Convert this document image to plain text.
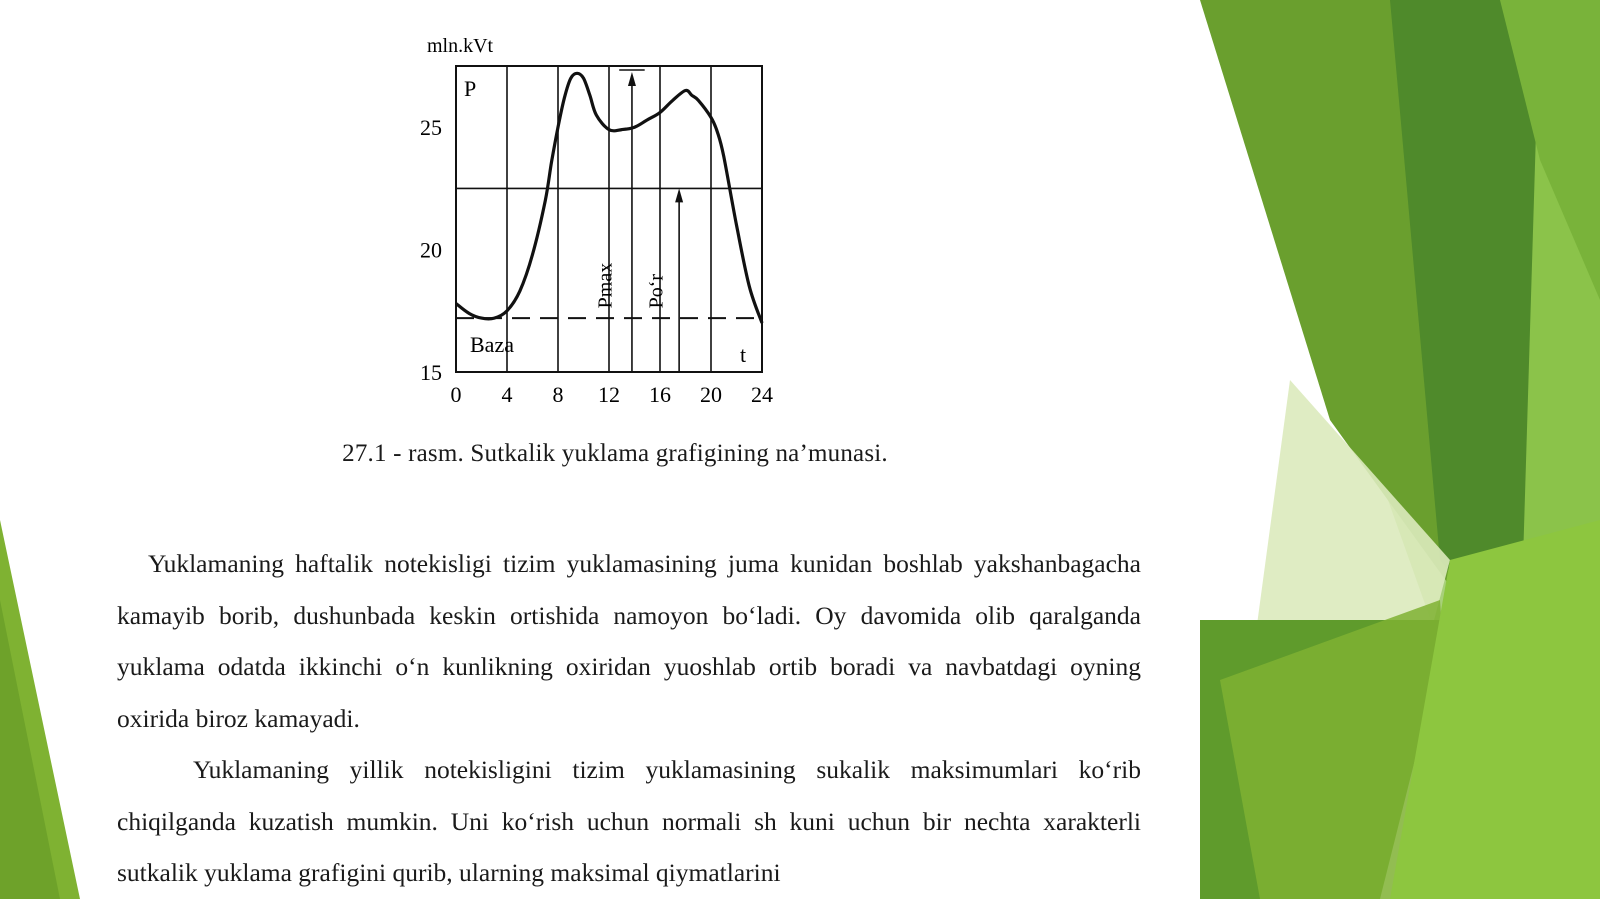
0 4 8 12 16 20 24
15
20
25
mln.kVt
P
t
Baza
Pmax Po‘r
27.1 - rasm. Sutkalik yuklama grafigining na’munasi.

Yuklamaning haftalik notekisligi tizim yuklamasining juma kunidan boshlab yakshanbagacha kamayib borib, dushunbada keskin ortishida namoyon bo‘ladi. Oy davomida olib qaralganda yuklama odatda ikkinchi o‘n kunlikning oxiridan yuoshlab ortib boradi va navbatdagi oyning oxirida biroz kamayadi.

Yuklamaning yillik notekisligini tizim yuklamasining sukalik maksimumlari ko‘rib chiqilganda kuzatish mumkin. Uni ko‘rish uchun normali sh kuni uchun bir nechta xarakterli sutkalik yuklama grafigini qurib, ularning maksimal qiymatlarini
